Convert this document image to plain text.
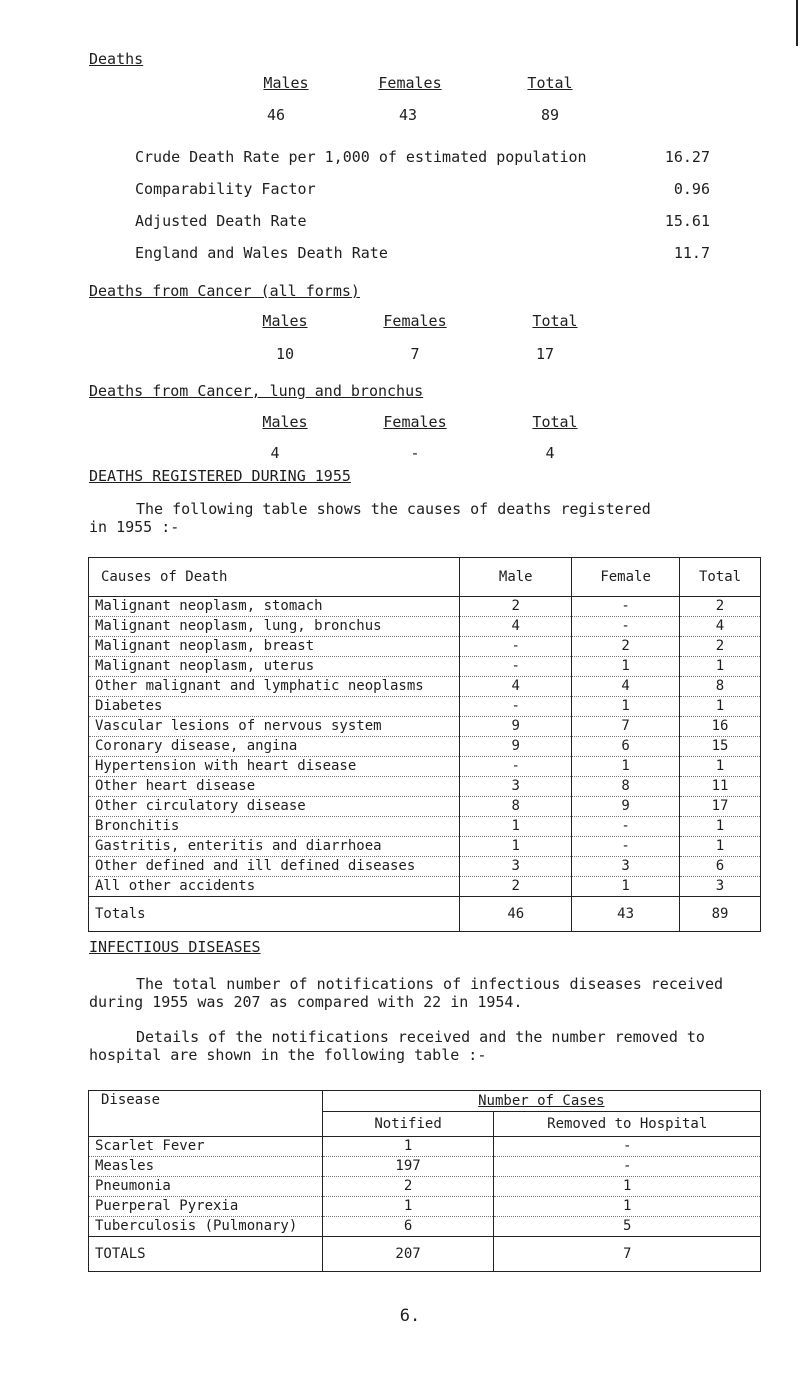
Deaths
Males	Females	Total
46	43	89
Crude Death Rate per 1,000 of estimated population	16.27
Comparability Factor	0.96
Adjusted Death Rate	15.61
England and Wales Death Rate	11.7
Deaths from Cancer (all forms)
Males	Females	Total
10	7	17
Deaths from Cancer, lung and bronchus
Males	Females	Total
4	-	4
DEATHS REGISTERED DURING 1955
The following table shows the causes of deaths registered
in 1955 :-
Causes of Death	Male	Female	Total
Malignant neoplasm, stomach	2	-	2
Malignant neoplasm, lung, bronchus	4	-	4
Malignant neoplasm, breast	-	2	2
Malignant neoplasm, uterus	-	1	1
Other malignant and lymphatic neoplasms	4	4	8
Diabetes	-	1	1
Vascular lesions of nervous system	9	7	16
Coronary disease, angina	9	6	15
Hypertension with heart disease	-	1	1
Other heart disease	3	8	11
Other circulatory disease	8	9	17
Bronchitis	1	-	1
Gastritis, enteritis and diarrhoea	1	-	1
Other defined and ill defined diseases	3	3	6
All other accidents	2	1	3
Totals	46	43	89
INFECTIOUS DISEASES
The total number of notifications of infectious diseases received
during 1955 was 207 as compared with 22 in 1954.
Details of the notifications received and the number removed to
hospital are shown in the following table :-
Disease	Number of Cases	
	Notified	Removed to Hospital
Scarlet Fever	1	-
Measles	197	-
Pneumonia	2	1
Puerperal Pyrexia	1	1
Tuberculosis (Pulmonary)	6	5
TOTALS	207	7
6.
